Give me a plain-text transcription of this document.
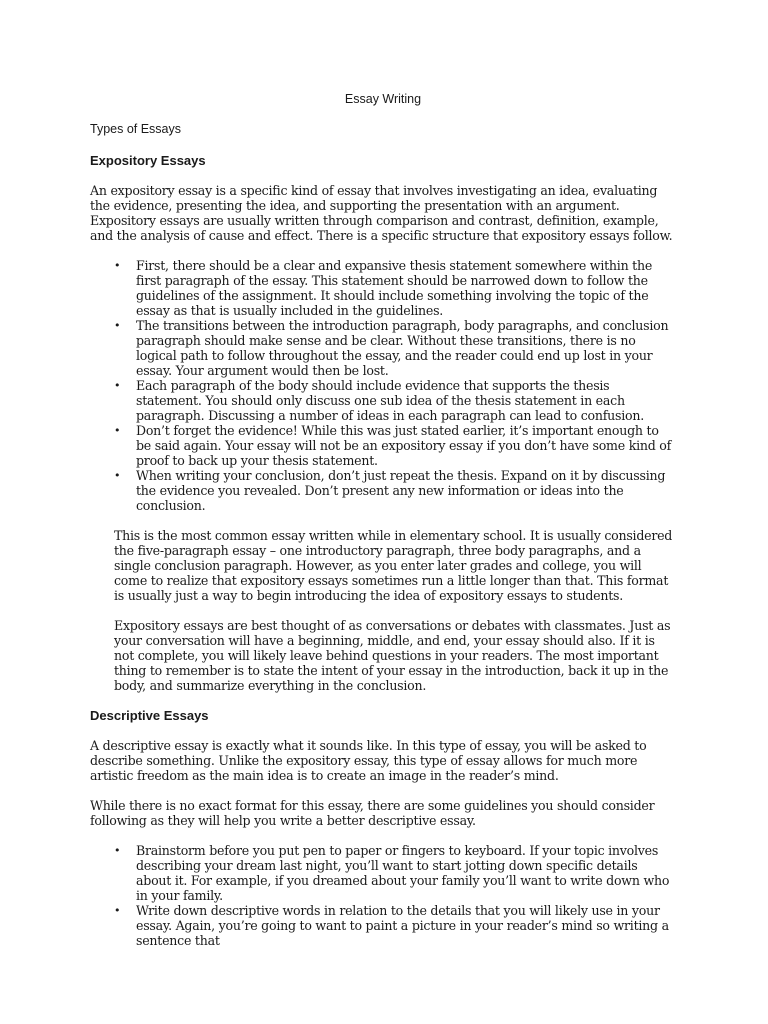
Essay Writing
Types of Essays
Expository Essays

An expository essay is a specific kind of essay that involves investigating an idea, evaluating the evidence, presenting the idea, and supporting the presentation with an argument. Expository essays are usually written through comparison and contrast, definition, example, and the analysis of cause and effect. There is a specific structure that expository essays follow.

• First, there should be a clear and expansive thesis statement somewhere within the first paragraph of the essay. This statement should be narrowed down to follow the guidelines of the assignment. It should include something involving the topic of the essay as that is usually included in the guidelines.
• The transitions between the introduction paragraph, body paragraphs, and conclusion paragraph should make sense and be clear. Without these transitions, there is no logical path to follow throughout the essay, and the reader could end up lost in your essay. Your argument would then be lost.
• Each paragraph of the body should include evidence that supports the thesis statement. You should only discuss one sub idea of the thesis statement in each paragraph. Discussing a number of ideas in each paragraph can lead to confusion.
• Don’t forget the evidence! While this was just stated earlier, it’s important enough to be said again. Your essay will not be an expository essay if you don’t have some kind of proof to back up your thesis statement.
• When writing your conclusion, don’t just repeat the thesis. Expand on it by discussing the evidence you revealed. Don’t present any new information or ideas into the conclusion.

This is the most common essay written while in elementary school. It is usually considered the five-paragraph essay – one introductory paragraph, three body paragraphs, and a single conclusion paragraph. However, as you enter later grades and college, you will come to realize that expository essays sometimes run a little longer than that. This format is usually just a way to begin introducing the idea of expository essays to students.

Expository essays are best thought of as conversations or debates with classmates. Just as your conversation will have a beginning, middle, and end, your essay should also. If it is not complete, you will likely leave behind questions in your readers. The most important thing to remember is to state the intent of your essay in the introduction, back it up in the body, and summarize everything in the conclusion.

Descriptive Essays

A descriptive essay is exactly what it sounds like. In this type of essay, you will be asked to describe something. Unlike the expository essay, this type of essay allows for much more artistic freedom as the main idea is to create an image in the reader’s mind.

While there is no exact format for this essay, there are some guidelines you should consider following as they will help you write a better descriptive essay.

• Brainstorm before you put pen to paper or fingers to keyboard. If your topic involves describing your dream last night, you’ll want to start jotting down specific details about it. For example, if you dreamed about your family you’ll want to write down who in your family.
• Write down descriptive words in relation to the details that you will likely use in your essay. Again, you’re going to want to paint a picture in your reader’s mind so writing a sentence that
